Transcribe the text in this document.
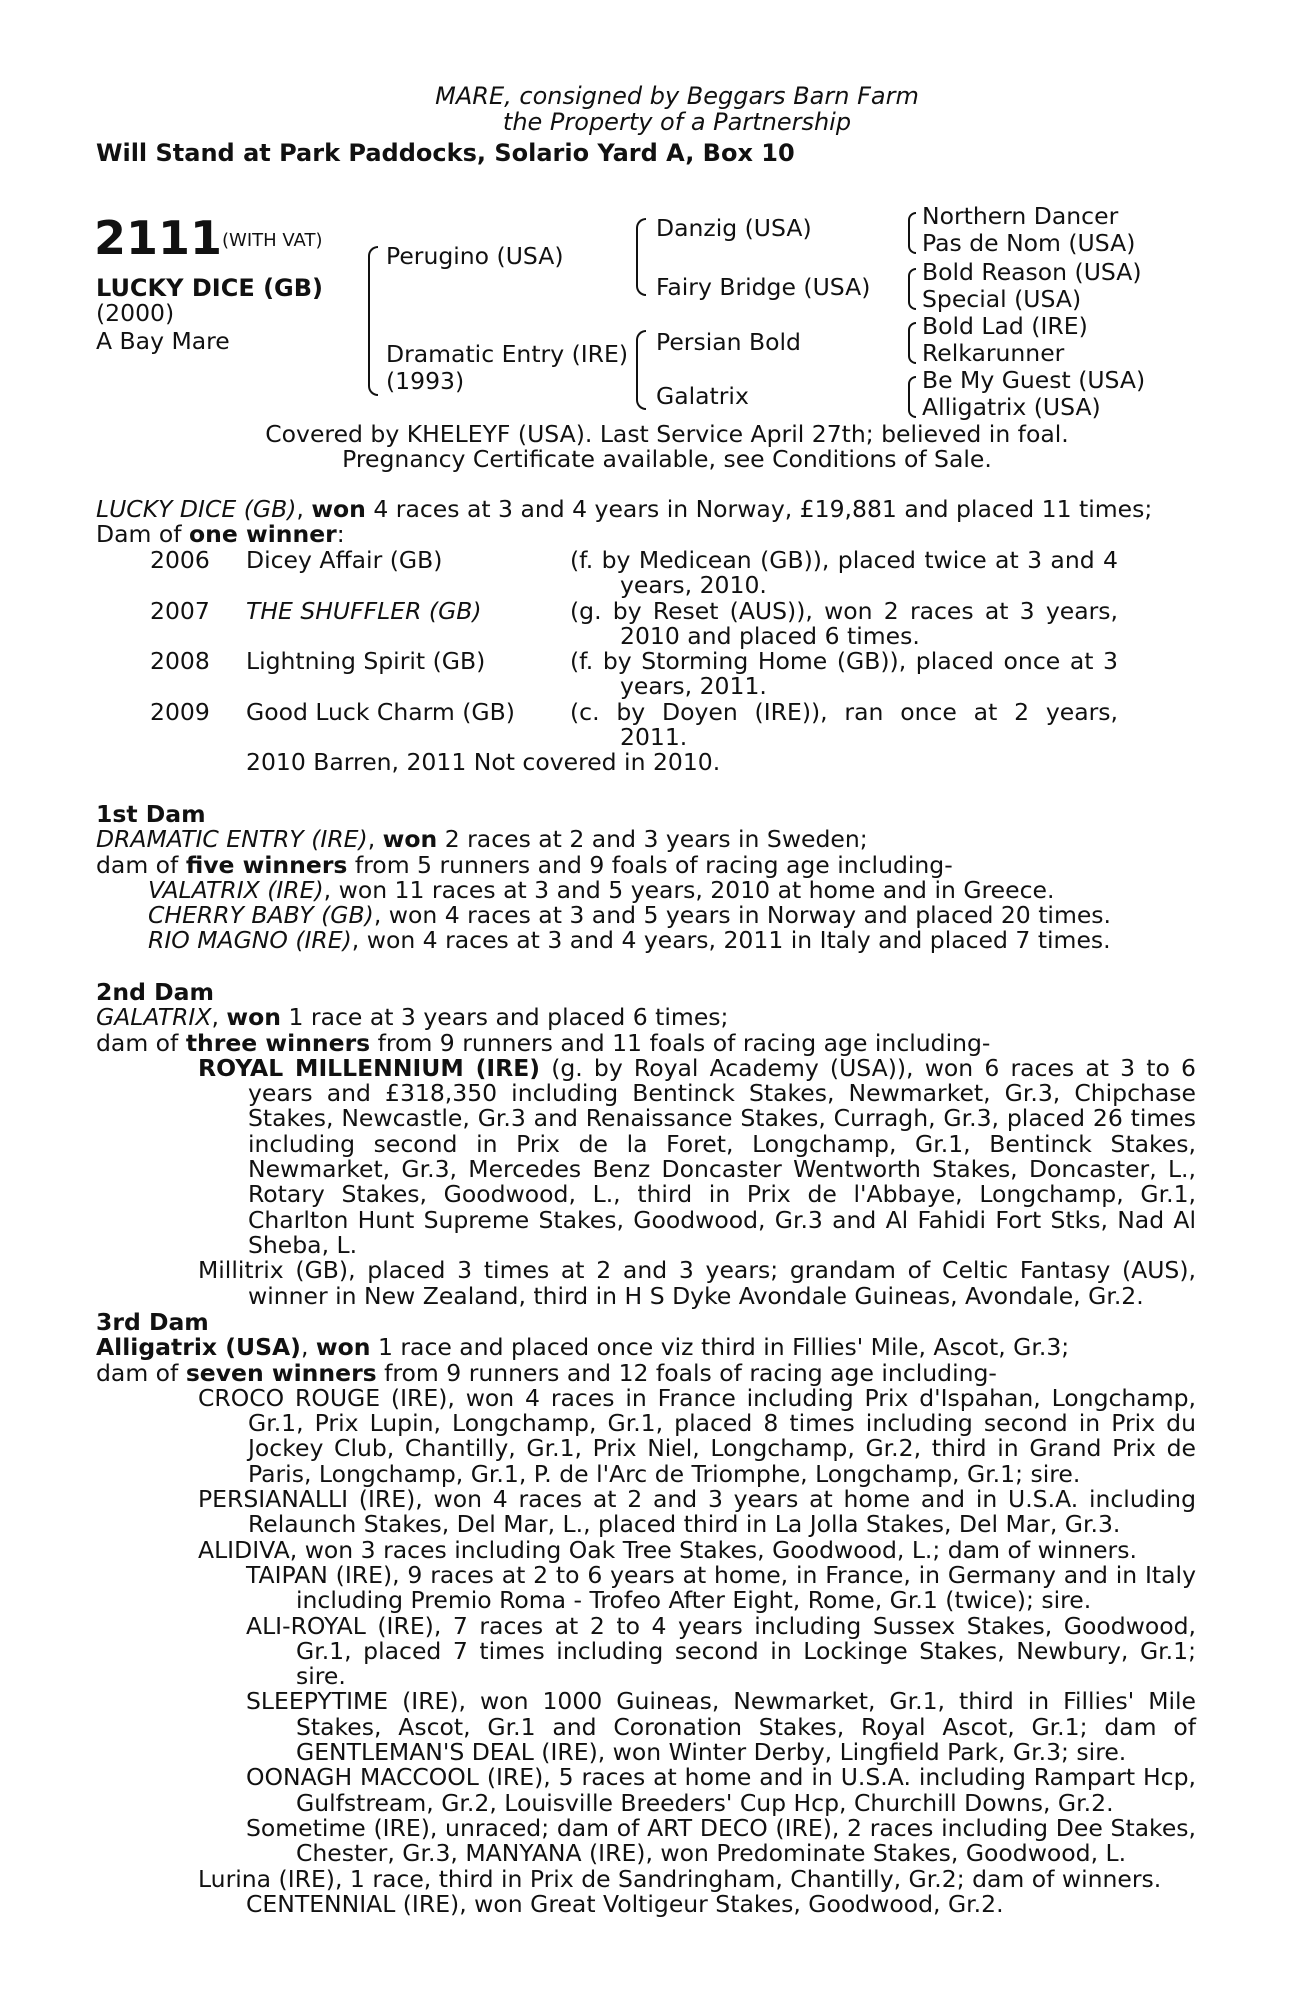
MARE, consigned by Beggars Barn Farm
the Property of a Partnership
Will Stand at Park Paddocks, Solario Yard A, Box 10
2111 (WITH VAT)
LUCKY DICE (GB)
(2000)
A Bay Mare
Perugino (USA)
Dramatic Entry (IRE)
(1993)
Danzig (USA)
Fairy Bridge (USA)
Persian Bold
Galatrix
Northern Dancer
Pas de Nom (USA)
Bold Reason (USA)
Special (USA)
Bold Lad (IRE)
Relkarunner
Be My Guest (USA)
Alligatrix (USA)
Covered by KHELEYF (USA). Last Service April 27th; believed in foal.
Pregnancy Certificate available, see Conditions of Sale.

LUCKY DICE (GB), won 4 races at 3 and 4 years in Norway, £19,881 and placed 11 times;

Dam of one winner:

2006 Dicey Affair (GB)	(f. by Medicean (GB)), placed twice at 3 and 4 years, 2010.
2007 THE SHUFFLER (GB)	(g. by Reset (AUS)), won 2 races at 3 years, 2010 and placed 6 times.
2008 Lightning Spirit (GB)	(f. by Storming Home (GB)), placed once at 3 years, 2011.
2009 Good Luck Charm (GB) (c. by Doyen (IRE)), ran once at 2 years, 2011.
2010 Barren, 2011 Not covered in 2010.

1st Dam

DRAMATIC ENTRY (IRE), won 2 races at 2 and 3 years in Sweden;

dam of five winners from 5 runners and 9 foals of racing age including-

VALATRIX (IRE), won 11 races at 3 and 5 years, 2010 at home and in Greece.

CHERRY BABY (GB), won 4 races at 3 and 5 years in Norway and placed 20 times.

RIO MAGNO (IRE), won 4 races at 3 and 4 years, 2011 in Italy and placed 7 times.

2nd Dam

GALATRIX, won 1 race at 3 years and placed 6 times;

dam of three winners from 9 runners and 11 foals of racing age including-

ROYAL MILLENNIUM (IRE) (g. by Royal Academy (USA)), won 6 races at 3 to 6 years and £318,350 including Bentinck Stakes, Newmarket, Gr.3, Chipchase Stakes, Newcastle, Gr.3 and Renaissance Stakes, Curragh, Gr.3, placed 26 times including second in Prix de la Foret, Longchamp, Gr.1, Bentinck Stakes, Newmarket, Gr.3, Mercedes Benz Doncaster Wentworth Stakes, Doncaster, L., Rotary Stakes, Goodwood, L., third in Prix de l'Abbaye, Longchamp, Gr.1, Charlton Hunt Supreme Stakes, Goodwood, Gr.3 and Al Fahidi Fort Stks, Nad Al Sheba, L.

Millitrix (GB), placed 3 times at 2 and 3 years; grandam of Celtic Fantasy (AUS), winner in New Zealand, third in H S Dyke Avondale Guineas, Avondale, Gr.2.

3rd Dam

Alligatrix (USA), won 1 race and placed once viz third in Fillies' Mile, Ascot, Gr.3;

dam of seven winners from 9 runners and 12 foals of racing age including-

CROCO ROUGE (IRE), won 4 races in France including Prix d'Ispahan, Longchamp, Gr.1, Prix Lupin, Longchamp, Gr.1, placed 8 times including second in Prix du Jockey Club, Chantilly, Gr.1, Prix Niel, Longchamp, Gr.2, third in Grand Prix de Paris, Longchamp, Gr.1, P. de l'Arc de Triomphe, Longchamp, Gr.1; sire.

PERSIANALLI (IRE), won 4 races at 2 and 3 years at home and in U.S.A. including Relaunch Stakes, Del Mar, L., placed third in La Jolla Stakes, Del Mar, Gr.3.

ALIDIVA, won 3 races including Oak Tree Stakes, Goodwood, L.; dam of winners.

TAIPAN (IRE), 9 races at 2 to 6 years at home, in France, in Germany and in Italy including Premio Roma - Trofeo After Eight, Rome, Gr.1 (twice); sire.

ALI-ROYAL (IRE), 7 races at 2 to 4 years including Sussex Stakes, Goodwood, Gr.1, placed 7 times including second in Lockinge Stakes, Newbury, Gr.1; sire.

SLEEPYTIME (IRE), won 1000 Guineas, Newmarket, Gr.1, third in Fillies' Mile Stakes, Ascot, Gr.1 and Coronation Stakes, Royal Ascot, Gr.1; dam of GENTLEMAN'S DEAL (IRE), won Winter Derby, Lingfield Park, Gr.3; sire.

OONAGH MACCOOL (IRE), 5 races at home and in U.S.A. including Rampart Hcp, Gulfstream, Gr.2, Louisville Breeders' Cup Hcp, Churchill Downs, Gr.2.

Sometime (IRE), unraced; dam of ART DECO (IRE), 2 races including Dee Stakes, Chester, Gr.3, MANYANA (IRE), won Predominate Stakes, Goodwood, L.

Lurina (IRE), 1 race, third in Prix de Sandringham, Chantilly, Gr.2; dam of winners.

CENTENNIAL (IRE), won Great Voltigeur Stakes, Goodwood, Gr.2.
